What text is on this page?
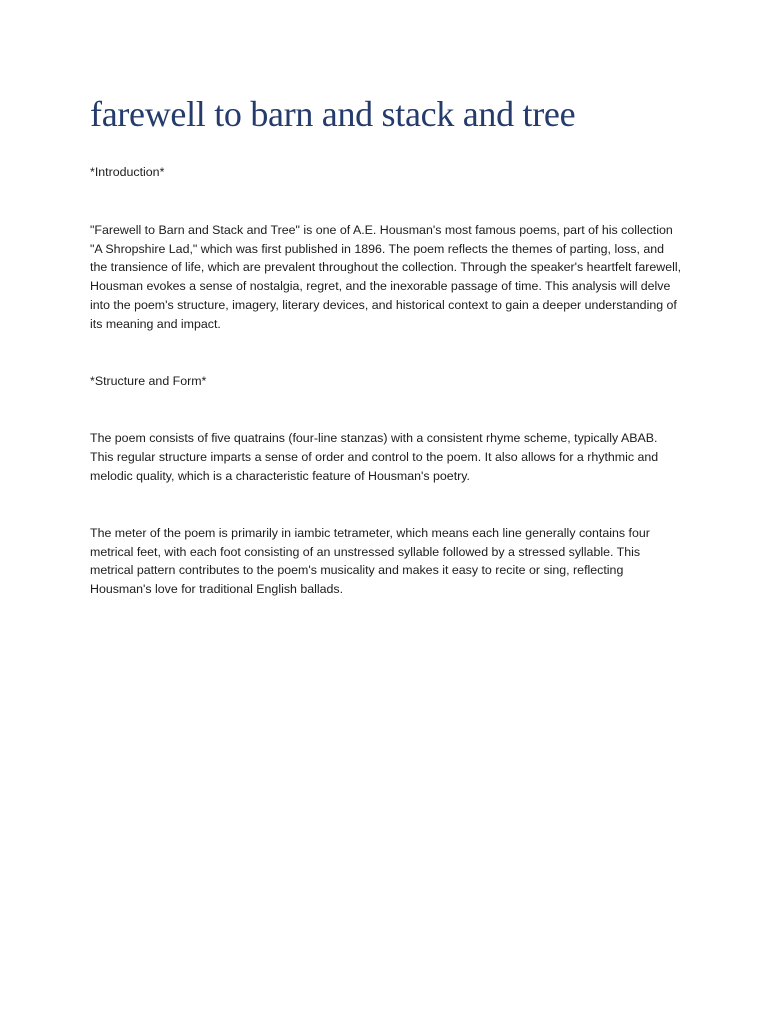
farewell to barn and stack and tree

*Introduction*

"Farewell to Barn and Stack and Tree" is one of A.E. Housman's most famous poems, part of his collection "A Shropshire Lad," which was first published in 1896. The poem reflects the themes of parting, loss, and the transience of life, which are prevalent throughout the collection. Through the speaker's heartfelt farewell, Housman evokes a sense of nostalgia, regret, and the inexorable passage of time. This analysis will delve into the poem's structure, imagery, literary devices, and historical context to gain a deeper understanding of its meaning and impact.

*Structure and Form*

The poem consists of five quatrains (four-line stanzas) with a consistent rhyme scheme, typically ABAB. This regular structure imparts a sense of order and control to the poem. It also allows for a rhythmic and melodic quality, which is a characteristic feature of Housman's poetry.

The meter of the poem is primarily in iambic tetrameter, which means each line generally contains four metrical feet, with each foot consisting of an unstressed syllable followed by a stressed syllable. This metrical pattern contributes to the poem's musicality and makes it easy to recite or sing, reflecting Housman's love for traditional English ballads.
